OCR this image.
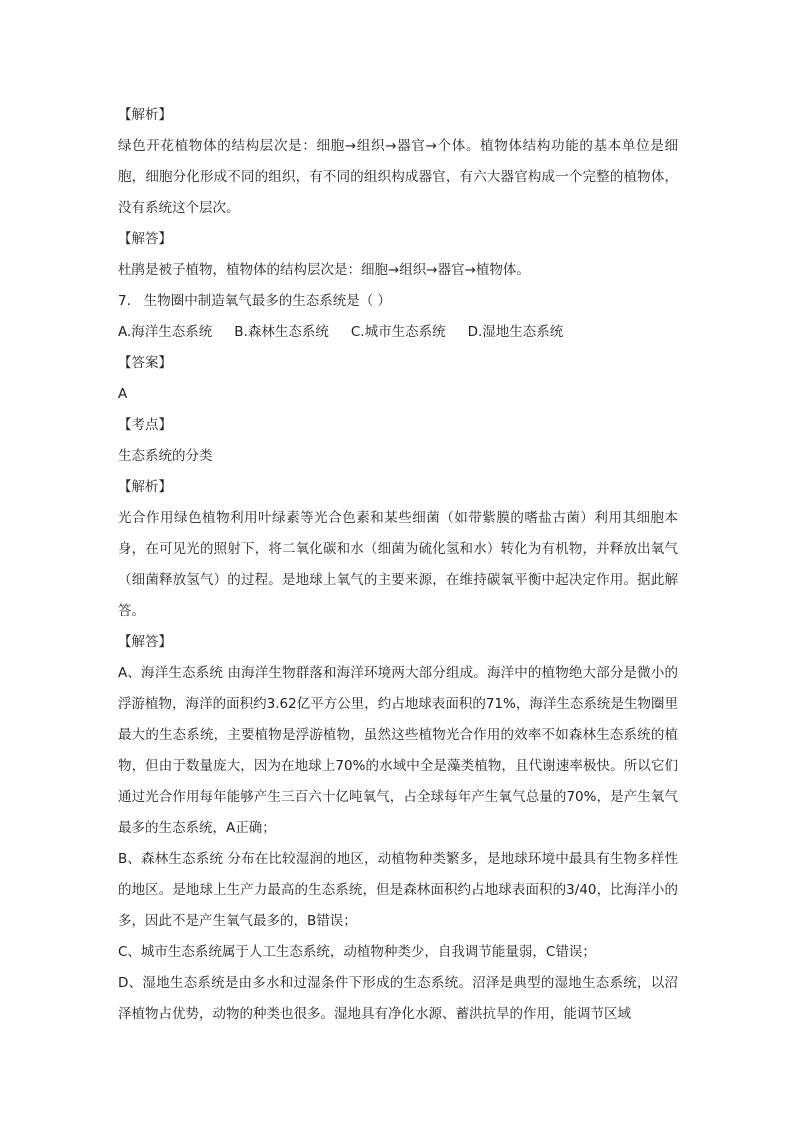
【解析】
绿色开花植物体的结构层次是：细胞→组织→器官→个体。植物体结构功能的基本单位是细胞，细胞分化形成不同的组织，有不同的组织构成器官，有六大器官构成一个完整的植物体，没有系统这个层次。
【解答】
杜鹃是被子植物，植物体的结构层次是：细胞→组织→器官→植物体。
7. 生物圈中制造氧气最多的生态系统是（ ）
A.海洋生态系统 B.森林生态系统 C.城市生态系统 D.湿地生态系统
【答案】
A
【考点】
生态系统的分类
【解析】
光合作用绿色植物利用叶绿素等光合色素和某些细菌（如带紫膜的嗜盐古菌）利用其细胞本身，在可见光的照射下，将二氧化碳和水（细菌为硫化氢和水）转化为有机物，并释放出氧气（细菌释放氢气）的过程。是地球上氧气的主要来源，在维持碳氧平衡中起决定作用。据此解答。
【解答】
A、海洋生态系统 由海洋生物群落和海洋环境两大部分组成。海洋中的植物绝大部分是微小的浮游植物，海洋的面积约3.62亿平方公里，约占地球表面积的71%，海洋生态系统是生物圈里最大的生态系统，主要植物是浮游植物，虽然这些植物光合作用的效率不如森林生态系统的植物，但由于数量庞大，因为在地球上70%的水域中全是藻类植物，且代谢速率极快。所以它们通过光合作用每年能够产生三百六十亿吨氧气，占全球每年产生氧气总量的70%，是产生氧气最多的生态系统，A正确；
B、森林生态系统 分布在比较湿润的地区，动植物种类繁多，是地球环境中最具有生物多样性的地区。是地球上生产力最高的生态系统，但是森林面积约占地球表面积的3/40，比海洋小的多，因此不是产生氧气最多的，B错误；
C、城市生态系统属于人工生态系统，动植物种类少，自我调节能量弱，C错误；
D、湿地生态系统是由多水和过湿条件下形成的生态系统。沼泽是典型的湿地生态系统，以沼泽植物占优势，动物的种类也很多。湿地具有净化水源、蓄洪抗旱的作用，能调节区域
